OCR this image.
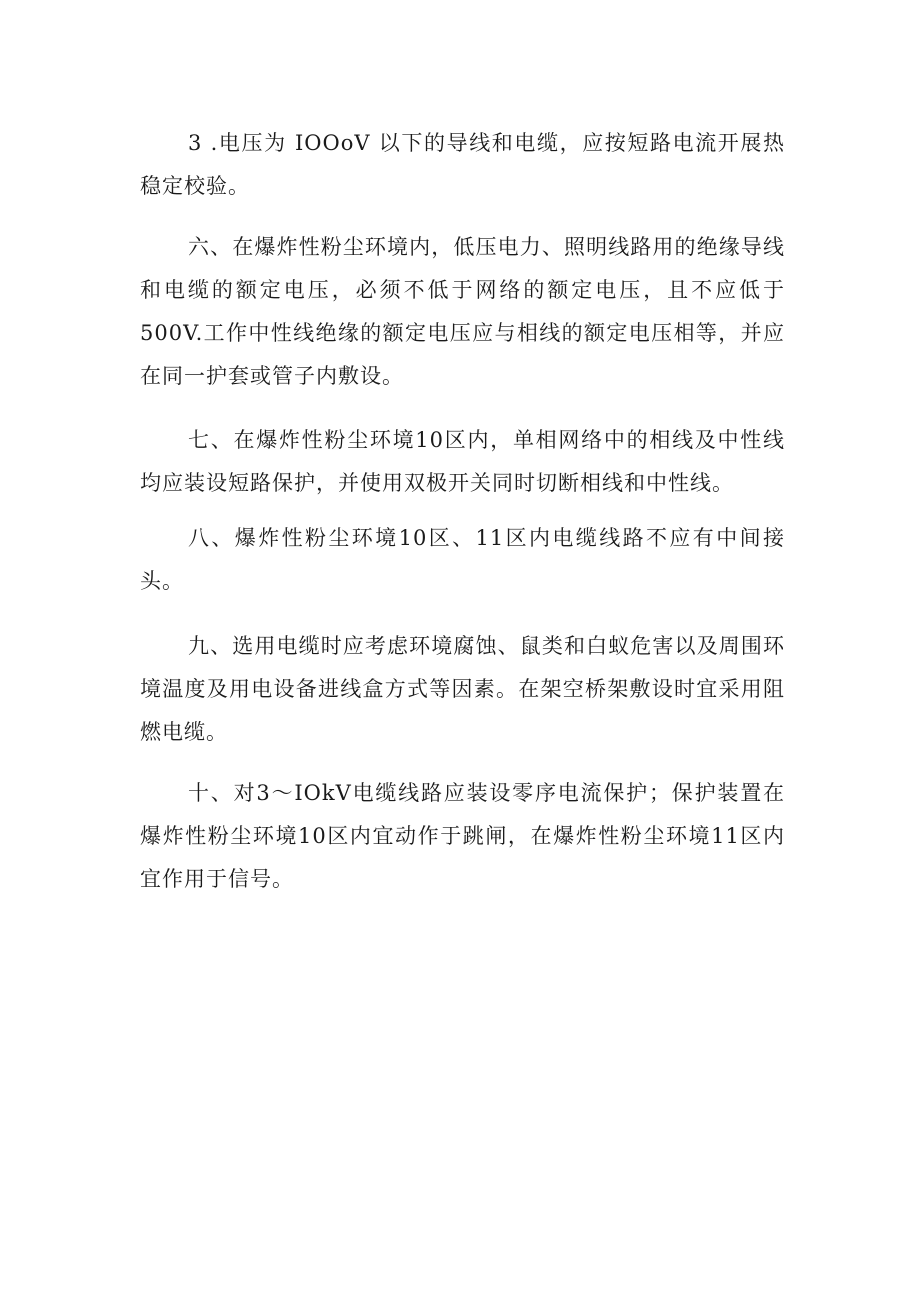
3 .电压为 IOOoV 以下的导线和电缆，应按短路电流开展热稳定校验。

六、在爆炸性粉尘环境内，低压电力、照明线路用的绝缘导线和电缆的额定电压，必须不低于网络的额定电压，且不应低于500V.工作中性线绝缘的额定电压应与相线的额定电压相等，并应在同一护套或管子内敷设。

七、在爆炸性粉尘环境10区内，单相网络中的相线及中性线均应装设短路保护，并使用双极开关同时切断相线和中性线。

八、爆炸性粉尘环境10区、11区内电缆线路不应有中间接头。

九、选用电缆时应考虑环境腐蚀、鼠类和白蚁危害以及周围环境温度及用电设备进线盒方式等因素。在架空桥架敷设时宜采用阻燃电缆。

十、对3～IOkV电缆线路应装设零序电流保护；保护装置在爆炸性粉尘环境10区内宜动作于跳闸，在爆炸性粉尘环境11区内宜作用于信号。
